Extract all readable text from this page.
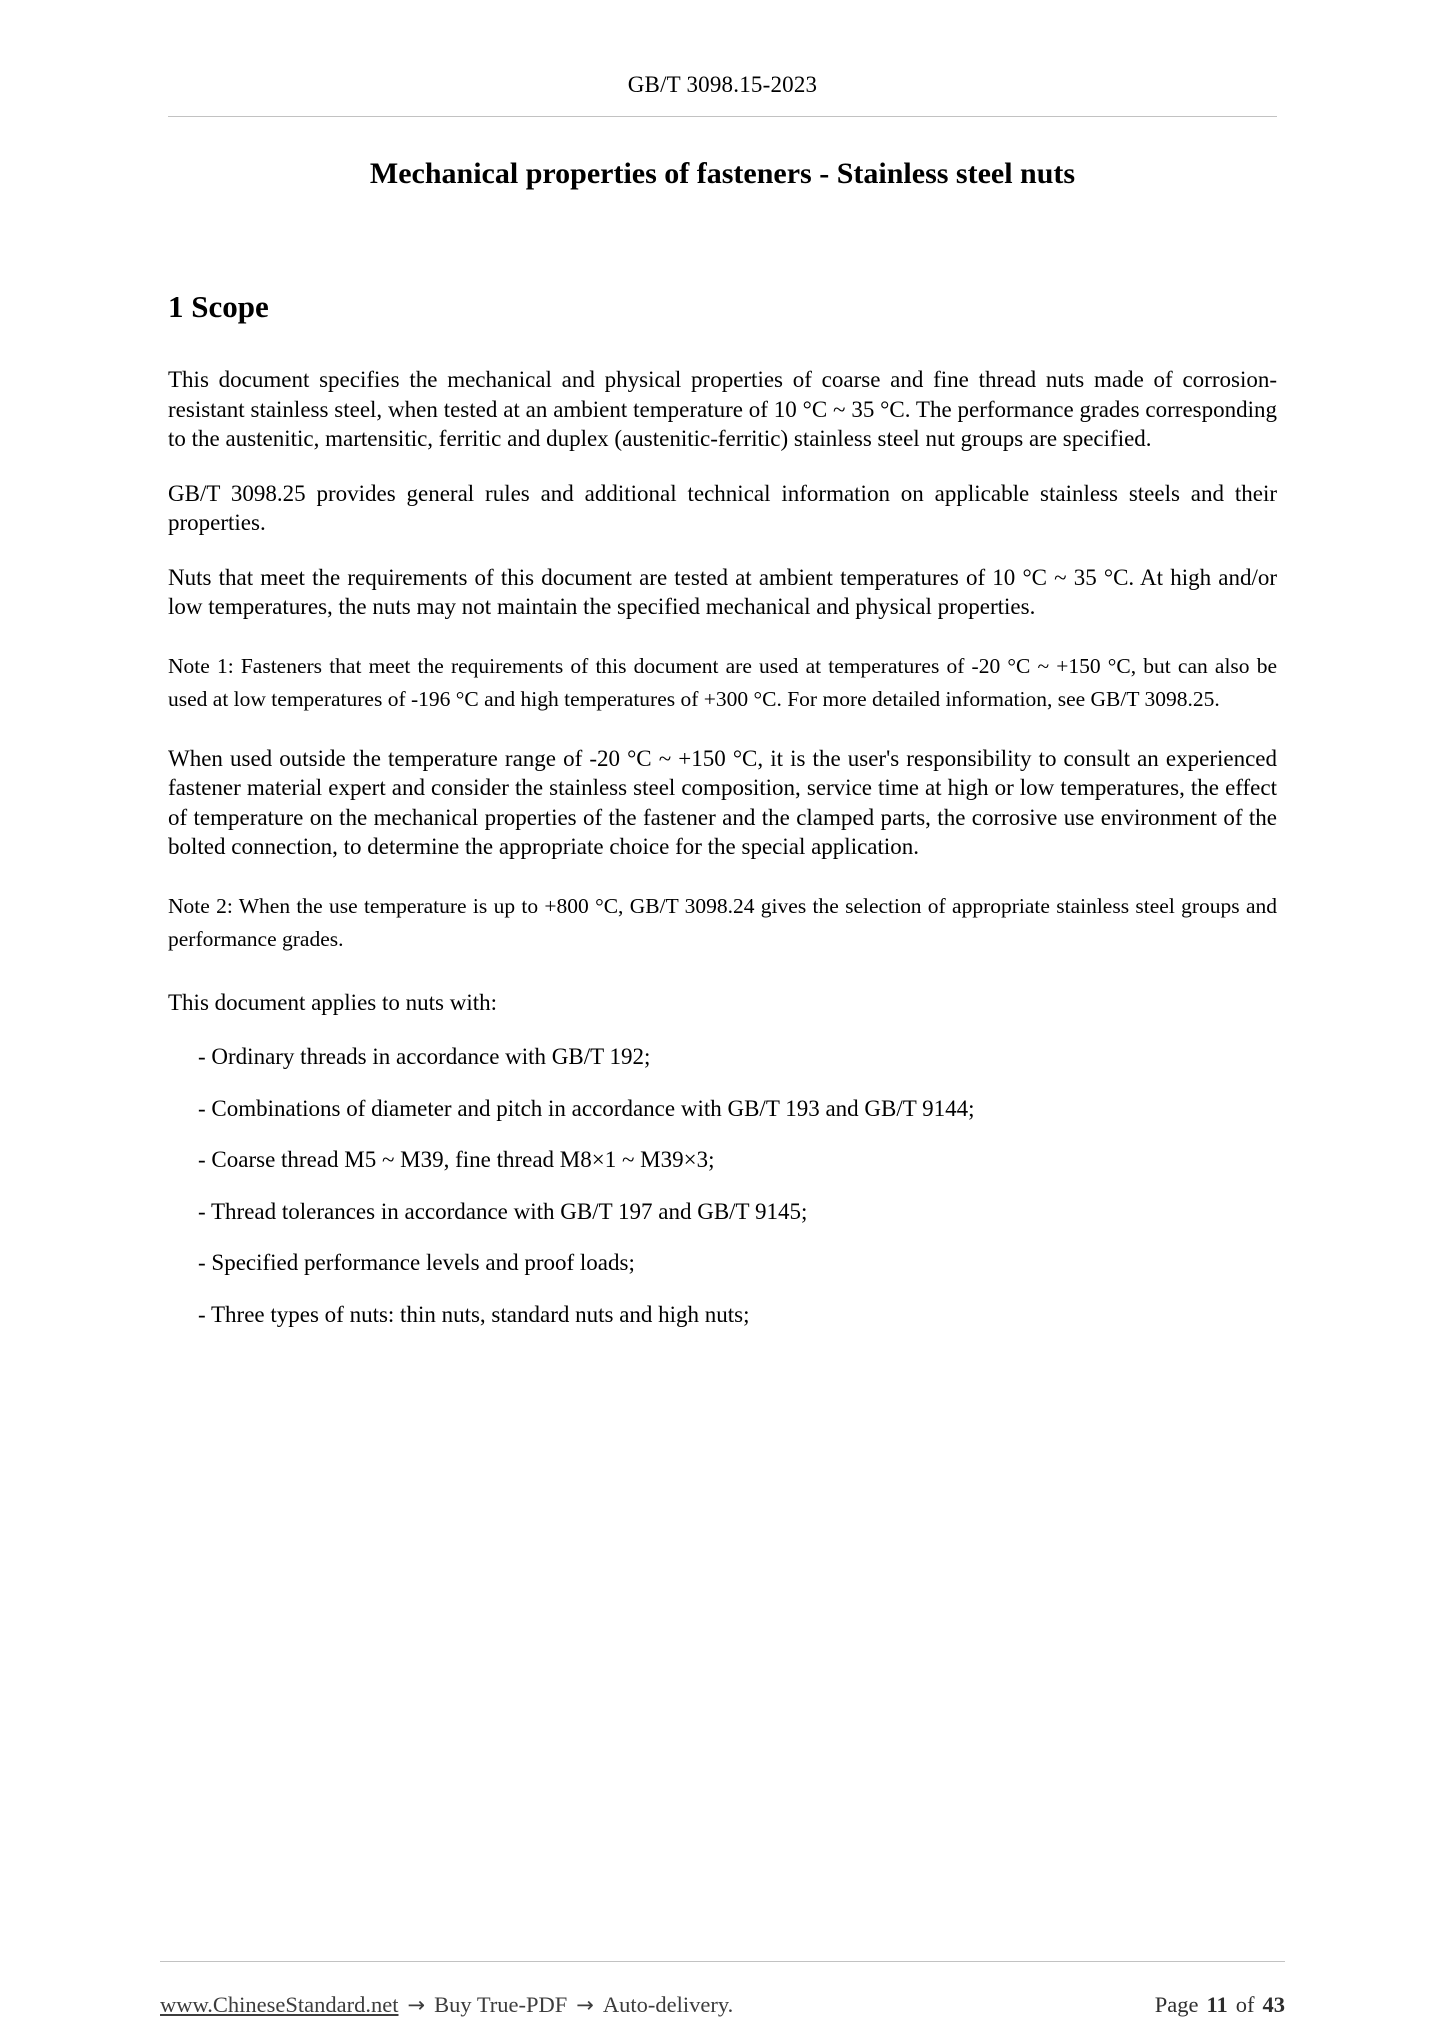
GB/T 3098.15-2023
Mechanical properties of fasteners - Stainless steel nuts
1 Scope

This document specifies the mechanical and physical properties of coarse and fine thread nuts made of corrosion-resistant stainless steel, when tested at an ambient temperature of 10 °C ~ 35 °C. The performance grades corresponding to the austenitic, martensitic, ferritic and duplex (austenitic-ferritic) stainless steel nut groups are specified.

GB/T 3098.25 provides general rules and additional technical information on applicable stainless steels and their properties.

Nuts that meet the requirements of this document are tested at ambient temperatures of 10 °C ~ 35 °C. At high and/or low temperatures, the nuts may not maintain the specified mechanical and physical properties.

Note 1: Fasteners that meet the requirements of this document are used at temperatures of -20 °C ~ +150 °C, but can also be used at low temperatures of -196 °C and high temperatures of +300 °C. For more detailed information, see GB/T 3098.25.

When used outside the temperature range of -20 °C ~ +150 °C, it is the user's responsibility to consult an experienced fastener material expert and consider the stainless steel composition, service time at high or low temperatures, the effect of temperature on the mechanical properties of the fastener and the clamped parts, the corrosive use environment of the bolted connection, to determine the appropriate choice for the special application.

Note 2: When the use temperature is up to +800 °C, GB/T 3098.24 gives the selection of appropriate stainless steel groups and performance grades.

This document applies to nuts with:

- Ordinary threads in accordance with GB/T 192;

- Combinations of diameter and pitch in accordance with GB/T 193 and GB/T 9144;

- Coarse thread M5 ~ M39, fine thread M8×1 ~ M39×3;

- Thread tolerances in accordance with GB/T 197 and GB/T 9145;

- Specified performance levels and proof loads;

- Three types of nuts: thin nuts, standard nuts and high nuts;

www.ChineseStandard.net → Buy True-PDF → Auto-delivery.	Page 11 of 43
